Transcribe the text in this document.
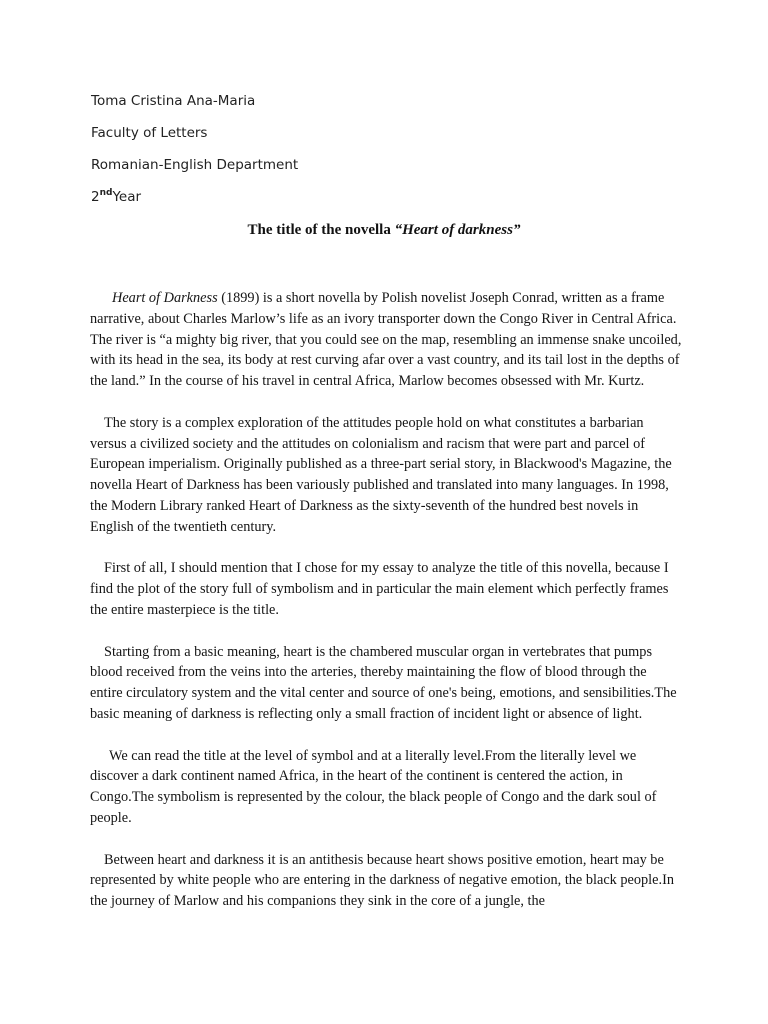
Toma Cristina Ana-Maria
Faculty of Letters
Romanian-English Department
2ndYear
The title of the novella “Heart of darkness”

Heart of Darkness (1899) is a short novella by Polish novelist Joseph Conrad, written as a frame narrative, about Charles Marlow’s life as an ivory transporter down the Congo River in Central Africa. The river is “a mighty big river, that you could see on the map, resembling an immense snake uncoiled, with its head in the sea, its body at rest curving afar over a vast country, and its tail lost in the depths of the land.” In the course of his travel in central Africa, Marlow becomes obsessed with Mr. Kurtz.

The story is a complex exploration of the attitudes people hold on what constitutes a barbarian versus a civilized society and the attitudes on colonialism and racism that were part and parcel of European imperialism. Originally published as a three-part serial story, in Blackwood's Magazine, the novella Heart of Darkness has been variously published and translated into many languages. In 1998, the Modern Library ranked Heart of Darkness as the sixty-seventh of the hundred best novels in English of the twentieth century.

First of all, I should mention that I chose for my essay to analyze the title of this novella, because I find the plot of the story full of symbolism and in particular the main element which perfectly frames the entire masterpiece is the title.

Starting from a basic meaning, heart is the chambered muscular organ in vertebrates that pumps blood received from the veins into the arteries, thereby maintaining the flow of blood through the entire circulatory system and the vital center and source of one's being, emotions, and sensibilities.The basic meaning of darkness is reflecting only a small fraction of incident light or absence of light.

We can read the title at the level of symbol and at a literally level.From the literally level we discover a dark continent named Africa, in the heart of the continent is centered the action, in Congo.The symbolism is represented by the colour, the black people of Congo and the dark soul of people.

Between heart and darkness it is an antithesis because heart shows positive emotion, heart may be represented by white people who are entering in the darkness of negative emotion, the black people.In the journey of Marlow and his companions they sink in the core of a jungle, the
